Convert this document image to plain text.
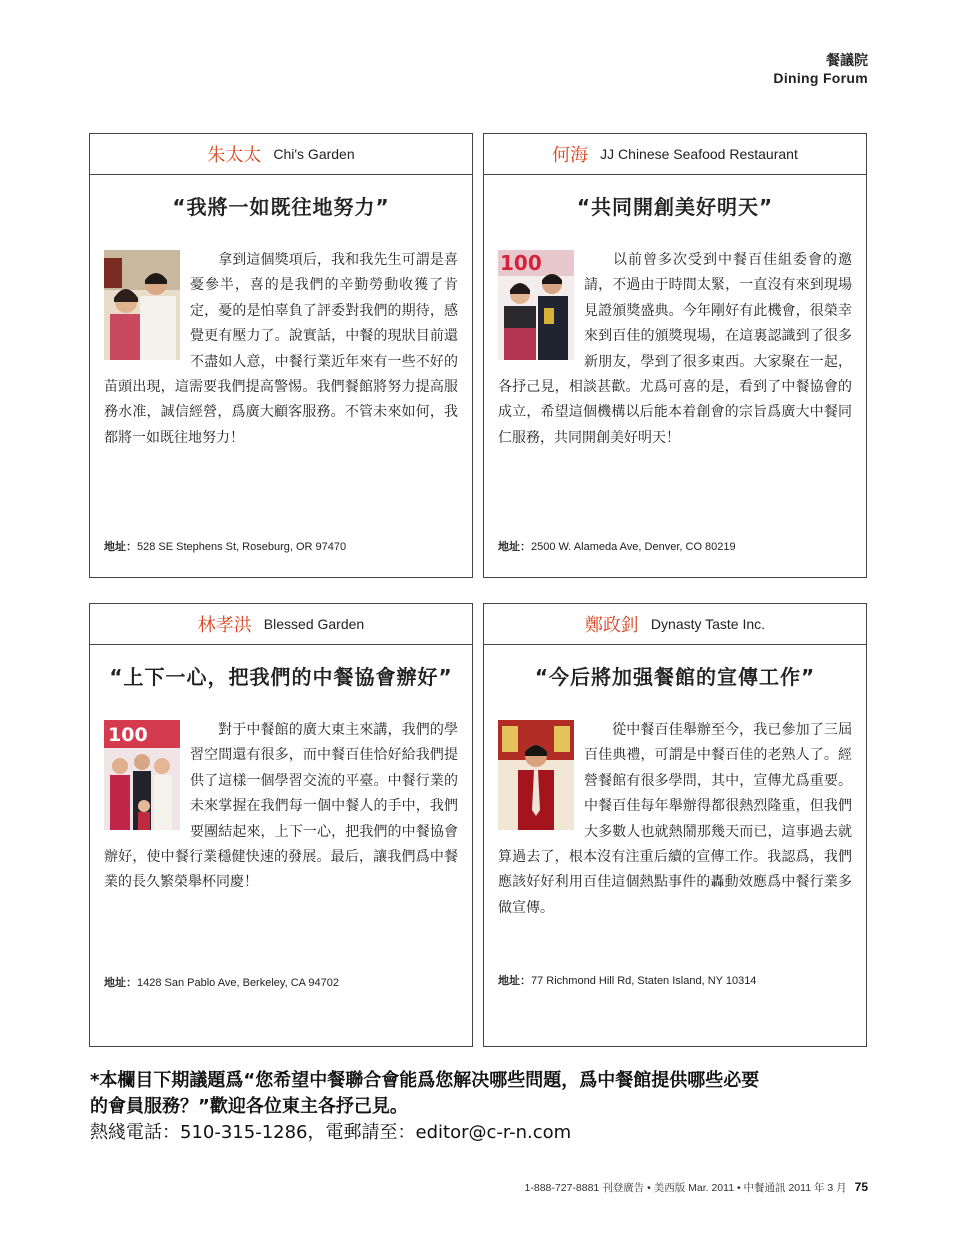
餐議院
Dining Forum
朱太太 Chi's Garden
“我將一如既往地努力”
拿到這個獎項后，我和我先生可謂是喜憂參半，喜的是我們的辛勤勞動收獲了肯定，憂的是怕辜負了評委對我們的期待，感覺更有壓力了。說實話，中餐的現狀目前還不盡如人意，中餐行業近年來有一些不好的苗頭出現，這需要我們提高警惕。我們餐館將努力提高服務水准，誠信經營，爲廣大顧客服務。不管未來如何，我都將一如既往地努力！
地址：528 SE Stephens St, Roseburg, OR 97470
何海 JJ Chinese Seafood Restaurant
“共同開創美好明天”
100	以前曾多次受到中餐百佳組委會的邀請，不過由于時間太緊，一直沒有來到現場見證頒獎盛典。今年剛好有此機會，很榮幸來到百佳的頒獎現場，在這裏認識到了很多新朋友，學到了很多東西。大家聚在一起，各抒己見，相談甚歡。尤爲可喜的是，看到了中餐協會的成立，希望這個機構以后能本着創會的宗旨爲廣大中餐同仁服務，共同開創美好明天！
地址：2500 W. Alameda Ave, Denver, CO 80219
林孝洪 Blessed Garden
“上下一心，把我們的中餐協會辦好”
100	對于中餐館的廣大東主來講，我們的學習空間還有很多，而中餐百佳恰好給我們提供了這樣一個學習交流的平臺。中餐行業的未來掌握在我們每一個中餐人的手中，我們要團結起來，上下一心，把我們的中餐協會辦好，使中餐行業穩健快速的發展。最后，讓我們爲中餐業的長久繁榮舉杯同慶！
地址：1428 San Pablo Ave, Berkeley, CA 94702
鄭政釗 Dynasty Taste Inc.
“今后將加强餐館的宣傳工作”
從中餐百佳舉辦至今，我已參加了三屆百佳典禮，可謂是中餐百佳的老熟人了。經營餐館有很多學問，其中，宣傳尤爲重要。中餐百佳每年舉辦得都很熱烈隆重，但我們大多數人也就熱鬧那幾天而已，這事過去就算過去了，根本沒有注重后續的宣傳工作。我認爲，我們應該好好利用百佳這個熱點事件的轟動效應爲中餐行業多做宣傳。
地址：77 Richmond Hill Rd, Staten Island, NY 10314
*本欄目下期議題爲“您希望中餐聯合會能爲您解决哪些問題，爲中餐館提供哪些必要
的會員服務？”歡迎各位東主各抒己見。
熱綫電話：510-315-1286，電郵請至：editor@c-r-n.com
1-888-727-8881 刊登廣告 • 美西版 Mar. 2011 • 中餐通訊 2011 年 3 月 75
